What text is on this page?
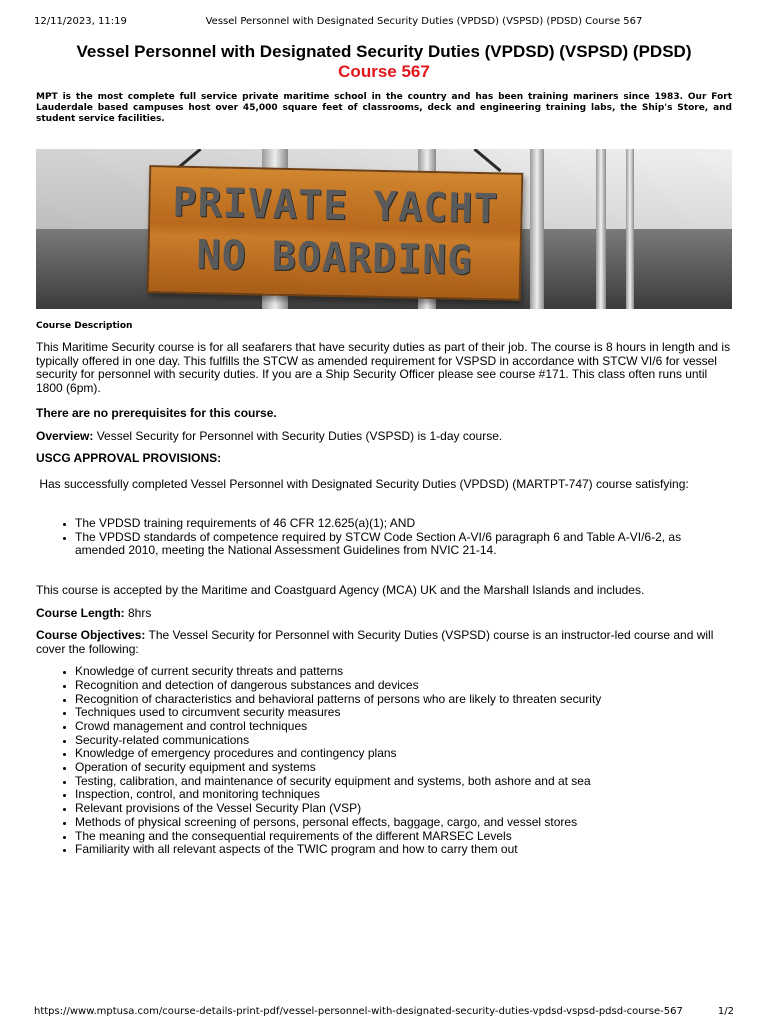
12/11/2023, 11:19	Vessel Personnel with Designated Security Duties (VPDSD) (VSPSD) (PDSD) Course 567
Vessel Personnel with Designated Security Duties (VPDSD) (VSPSD) (PDSD)
Course 567
MPT is the most complete full service private maritime school in the country and has been training mariners since 1983. Our Fort Lauderdale based campuses host over 45,000 square feet of classrooms, deck and engineering training labs, the Ship's Store, and student service facilities.
PRIVATE YACHT
NO BOARDING
Course Description

This Maritime Security course is for all seafarers that have security duties as part of their job. The course is 8 hours in length and is typically offered in one day. This fulfills the STCW as amended requirement for VSPSD in accordance with STCW VI/6 for vessel security for personnel with security duties. If you are a Ship Security Officer please see course #171. This class often runs until 1800 (6pm).

There are no prerequisites for this course.

Overview: Vessel Security for Personnel with Security Duties (VSPSD) is 1-day course.

USCG APPROVAL PROVISIONS:

Has successfully completed Vessel Personnel with Designated Security Duties (VPDSD) (MARTPT-747) course satisfying:

• The VPDSD training requirements of 46 CFR 12.625(a)(1); AND
• The VPDSD standards of competence required by STCW Code Section A-VI/6 paragraph 6 and Table A-VI/6-2, as amended 2010, meeting the National Assessment Guidelines from NVIC 21-14.

This course is accepted by the Maritime and Coastguard Agency (MCA) UK and the Marshall Islands and includes.

Course Length: 8hrs

Course Objectives: The Vessel Security for Personnel with Security Duties (VSPSD) course is an instructor-led course and will cover the following:

• Knowledge of current security threats and patterns
• Recognition and detection of dangerous substances and devices
• Recognition of characteristics and behavioral patterns of persons who are likely to threaten security
• Techniques used to circumvent security measures
• Crowd management and control techniques
• Security-related communications
• Knowledge of emergency procedures and contingency plans
• Operation of security equipment and systems
• Testing, calibration, and maintenance of security equipment and systems, both ashore and at sea
• Inspection, control, and monitoring techniques
• Relevant provisions of the Vessel Security Plan (VSP)
• Methods of physical screening of persons, personal effects, baggage, cargo, and vessel stores
• The meaning and the consequential requirements of the different MARSEC Levels
• Familiarity with all relevant aspects of the TWIC program and how to carry them out
https://www.mptusa.com/course-details-print-pdf/vessel-personnel-with-designated-security-duties-vpdsd-vspsd-pdsd-course-567	1/2
